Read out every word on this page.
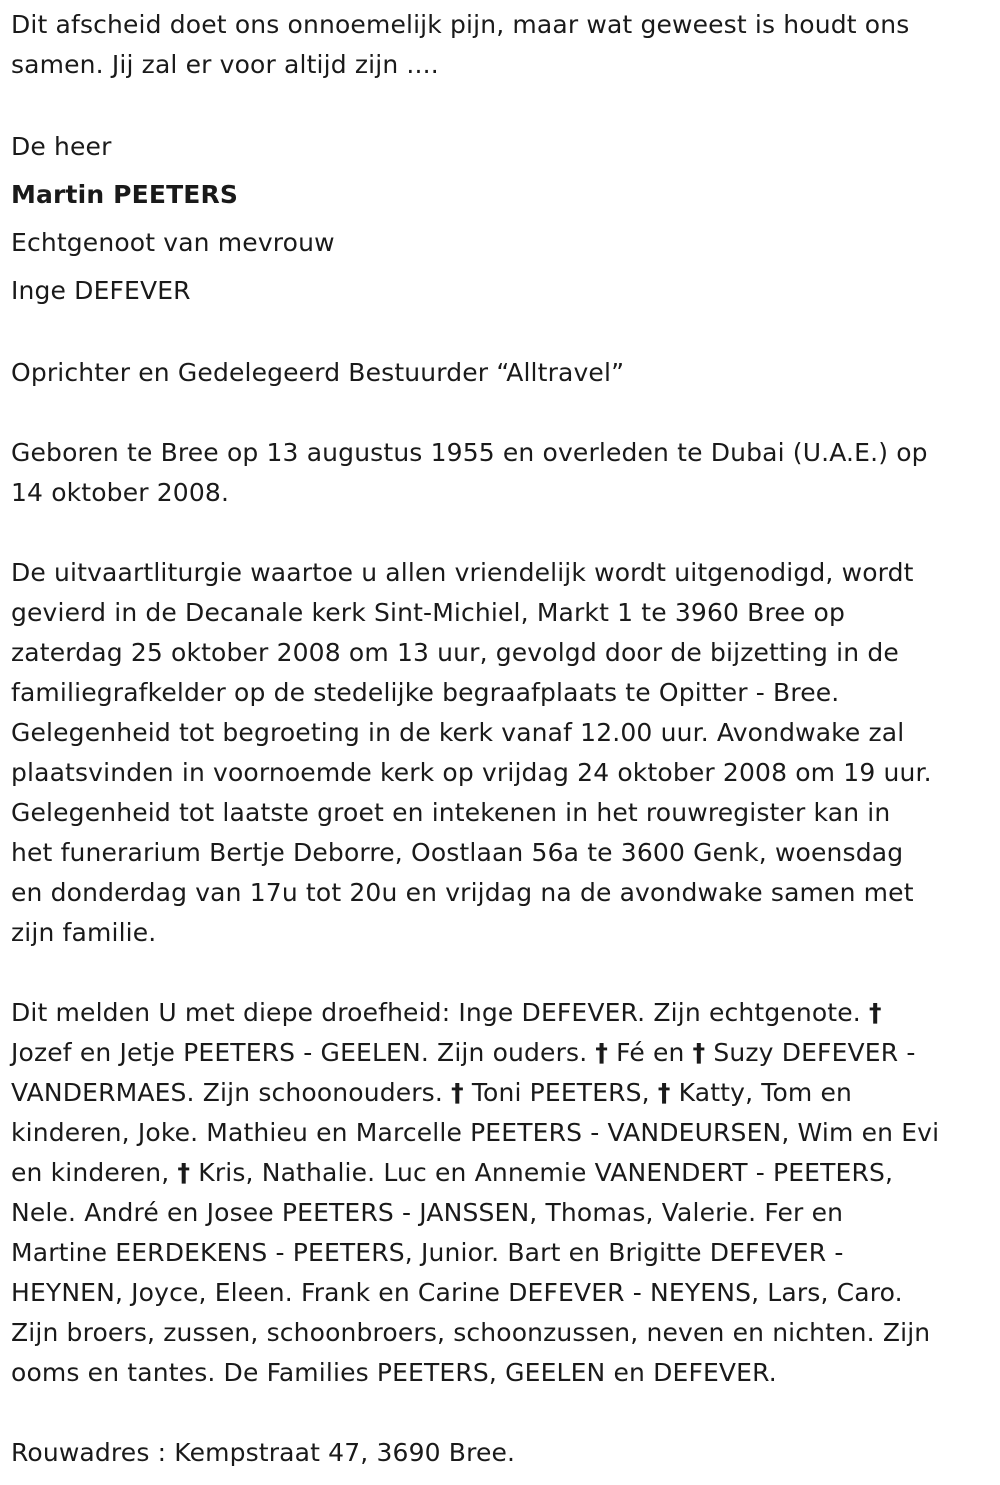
Dit afscheid doet ons onnoemelijk pijn, maar wat geweest is houdt ons
samen. Jij zal er voor altijd zijn ....

De heer

Martin PEETERS

Echtgenoot van mevrouw

Inge DEFEVER

Oprichter en Gedelegeerd Bestuurder “Alltravel”

Geboren te Bree op 13 augustus 1955 en overleden te Dubai (U.A.E.) op
14 oktober 2008.

De uitvaartliturgie waartoe u allen vriendelijk wordt uitgenodigd, wordt
gevierd in de Decanale kerk Sint-Michiel, Markt 1 te 3960 Bree op
zaterdag 25 oktober 2008 om 13 uur, gevolgd door de bijzetting in de
familiegrafkelder op de stedelijke begraafplaats te Opitter - Bree.
Gelegenheid tot begroeting in de kerk vanaf 12.00 uur. Avondwake zal
plaatsvinden in voornoemde kerk op vrijdag 24 oktober 2008 om 19 uur.
Gelegenheid tot laatste groet en intekenen in het rouwregister kan in
het funerarium Bertje Deborre, Oostlaan 56a te 3600 Genk, woensdag
en donderdag van 17u tot 20u en vrijdag na de avondwake samen met
zijn familie.

Dit melden U met diepe droefheid: Inge DEFEVER. Zijn echtgenote. †
Jozef en Jetje PEETERS - GEELEN. Zijn ouders. † Fé en † Suzy DEFEVER -
VANDERMAES. Zijn schoonouders. † Toni PEETERS, † Katty, Tom en
kinderen, Joke. Mathieu en Marcelle PEETERS - VANDEURSEN, Wim en Evi
en kinderen, † Kris, Nathalie. Luc en Annemie VANENDERT - PEETERS,
Nele. André en Josee PEETERS - JANSSEN, Thomas, Valerie. Fer en
Martine EERDEKENS - PEETERS, Junior. Bart en Brigitte DEFEVER -
HEYNEN, Joyce, Eleen. Frank en Carine DEFEVER - NEYENS, Lars, Caro.
Zijn broers, zussen, schoonbroers, schoonzussen, neven en nichten. Zijn
ooms en tantes. De Families PEETERS, GEELEN en DEFEVER.

Rouwadres : Kempstraat 47, 3690 Bree.
